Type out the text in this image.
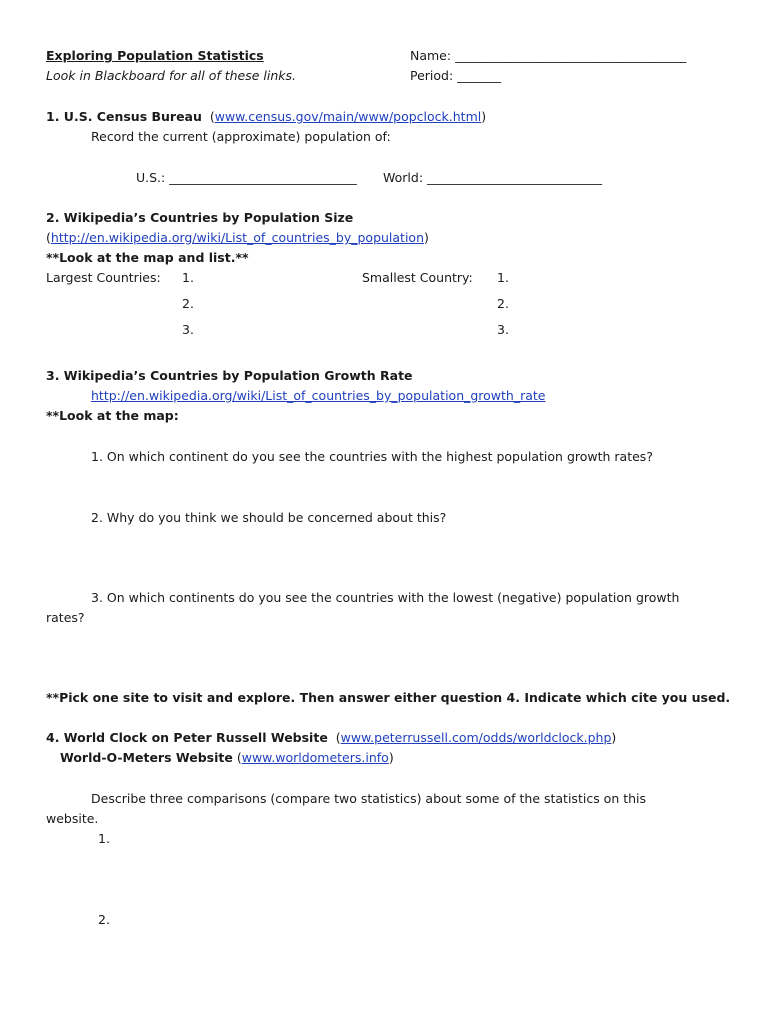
Exploring Population Statistics	Name: _____________________________________
Look in Blackboard for all of these links.	Period: _______
1. U.S. Census Bureau (www.census.gov/main/www/popclock.html)
Record the current (approximate) population of:
U.S.: ______________________________ World: ____________________________
2. Wikipedia’s Countries by Population Size
(http://en.wikipedia.org/wiki/List_of_countries_by_population)
**Look at the map and list.**
Largest Countries: 1.
2.
3.
Smallest Country: 1.
2.
3.
3. Wikipedia’s Countries by Population Growth Rate
http://en.wikipedia.org/wiki/List_of_countries_by_population_growth_rate
**Look at the map:
1. On which continent do you see the countries with the highest population growth rates?
2. Why do you think we should be concerned about this?
3. On which continents do you see the countries with the lowest (negative) population growth
rates?
**Pick one site to visit and explore. Then answer either question 4. Indicate which cite you used.
4. World Clock on Peter Russell Website (www.peterrussell.com/odds/worldclock.php)
World-O-Meters Website (www.worldometers.info)
Describe three comparisons (compare two statistics) about some of the statistics on this
website.
1.
2.
